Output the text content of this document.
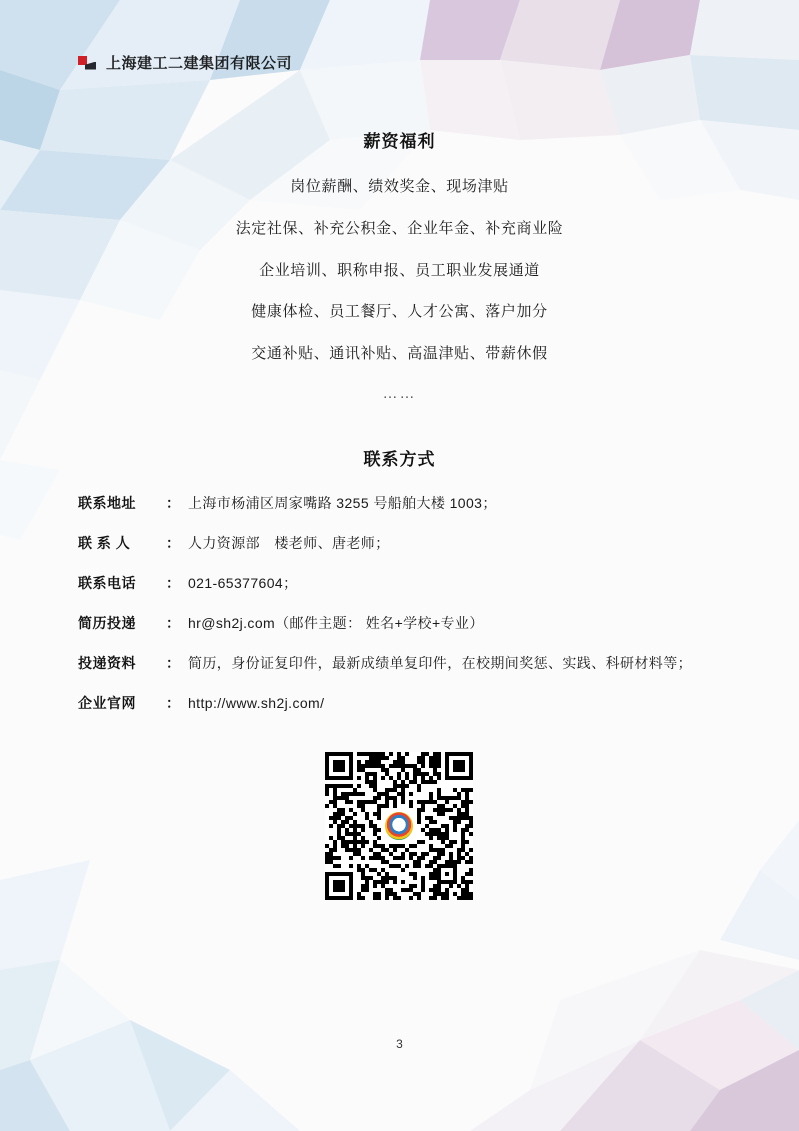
上海建工二建集团有限公司
薪资福利
岗位薪酬、绩效奖金、现场津贴
法定社保、补充公积金、企业年金、补充商业险
企业培训、职称申报、员工职业发展通道
健康体检、员工餐厅、人才公寓、落户加分
交通补贴、通讯补贴、高温津贴、带薪休假
……
联系方式
联系地址	： 上海市杨浦区周家嘴路 3255 号船舶大楼 1003；
联 系 人	： 人力资源部　楼老师、唐老师；
联系电话	： 021-65377604；
简历投递	： hr@sh2j.com（邮件主题： 姓名+学校+专业）
投递资料	： 简历，身份证复印件，最新成绩单复印件，在校期间奖惩、实践、科研材料等；
企业官网	： http://www.sh2j.com/
3
